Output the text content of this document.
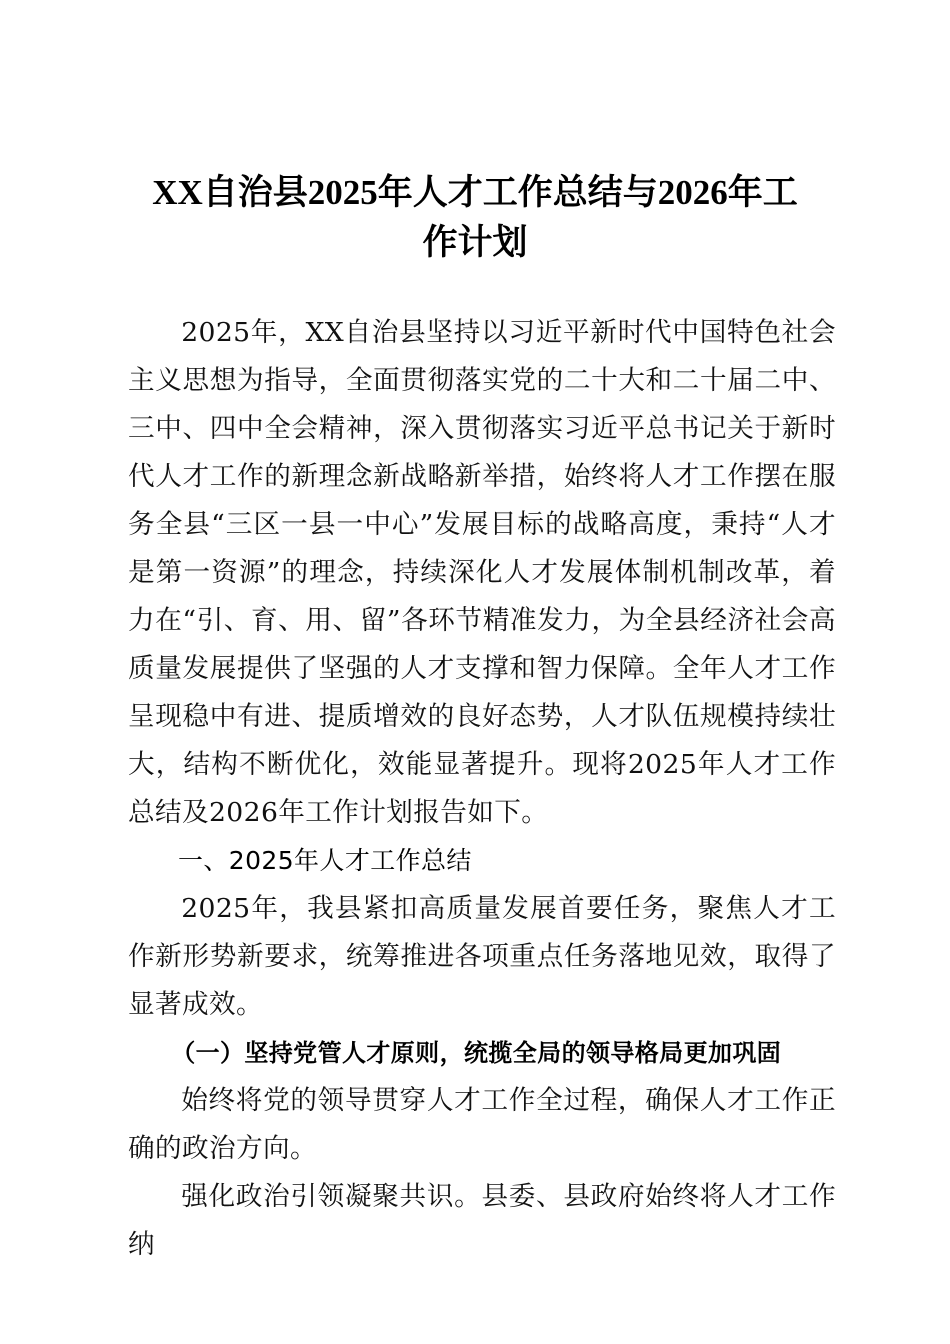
XX自治县2025年人才工作总结与2026年工
作计划

2025年，XX自治县坚持以习近平新时代中国特色社会主义思想为指导，全面贯彻落实党的二十大和二十届二中、三中、四中全会精神，深入贯彻落实习近平总书记关于新时代人才工作的新理念新战略新举措，始终将人才工作摆在服务全县“三区一县一中心”发展目标的战略高度，秉持“人才是第一资源”的理念，持续深化人才发展体制机制改革，着力在“引、育、用、留”各环节精准发力，为全县经济社会高质量发展提供了坚强的人才支撑和智力保障。全年人才工作呈现稳中有进、提质增效的良好态势，人才队伍规模持续壮大，结构不断优化，效能显著提升。现将2025年人才工作总结及2026年工作计划报告如下。

一、2025年人才工作总结

2025年，我县紧扣高质量发展首要任务，聚焦人才工作新形势新要求，统筹推进各项重点任务落地见效，取得了显著成效。

（一）坚持党管人才原则，统揽全局的领导格局更加巩固

始终将党的领导贯穿人才工作全过程，确保人才工作正确的政治方向。

强化政治引领凝聚共识。县委、县政府始终将人才工作纳
